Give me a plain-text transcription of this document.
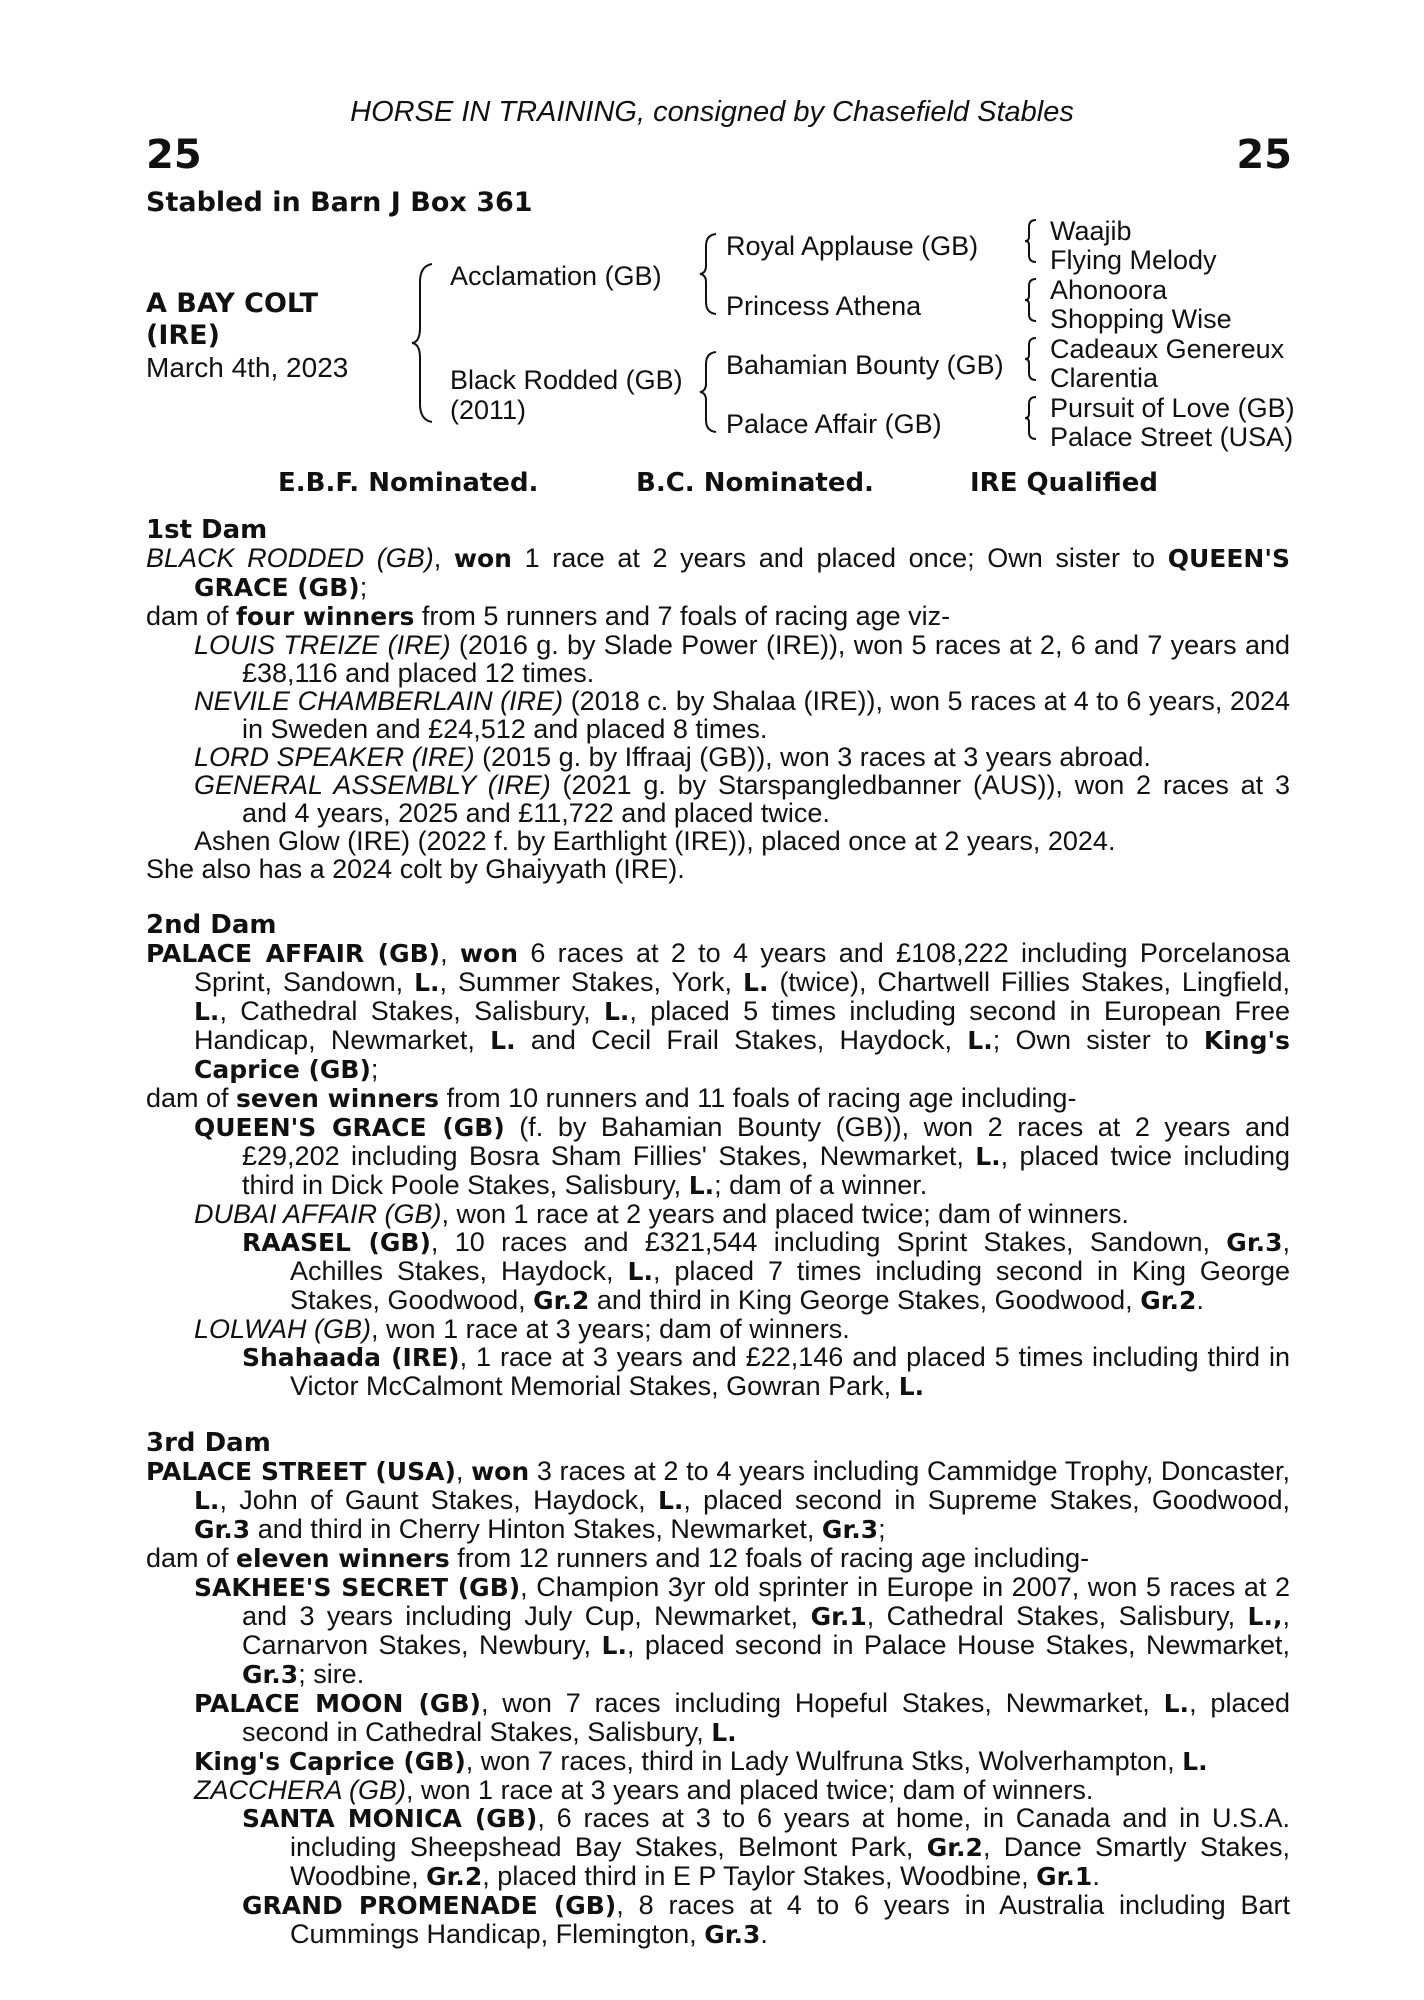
HORSE IN TRAINING, consigned by Chasefield Stables
25	25
Stabled in Barn J Box 361
A BAY COLT
(IRE)
March 4th, 2023
Acclamation (GB)
Black Rodded (GB)
(2011)
Royal Applause (GB)
Princess Athena
Bahamian Bounty (GB)
Palace Affair (GB)
Waajib
Flying Melody
Ahonoora
Shopping Wise
Cadeaux Genereux
Clarentia
Pursuit of Love (GB)
Palace Street (USA)
E.B.F. Nominated.	B.C. Nominated.	IRE Qualified
1st Dam

BLACK RODDED (GB), won 1 race at 2 years and placed once; Own sister to QUEEN'S GRACE (GB);

dam of four winners from 5 runners and 7 foals of racing age viz-

LOUIS TREIZE (IRE) (2016 g. by Slade Power (IRE)), won 5 races at 2, 6 and 7 years and £38,116 and placed 12 times.

NEVILE CHAMBERLAIN (IRE) (2018 c. by Shalaa (IRE)), won 5 races at 4 to 6 years, 2024 in Sweden and £24,512 and placed 8 times.

LORD SPEAKER (IRE) (2015 g. by Iffraaj (GB)), won 3 races at 3 years abroad.

GENERAL ASSEMBLY (IRE) (2021 g. by Starspangledbanner (AUS)), won 2 races at 3 and 4 years, 2025 and £11,722 and placed twice.

Ashen Glow (IRE) (2022 f. by Earthlight (IRE)), placed once at 2 years, 2024.

She also has a 2024 colt by Ghaiyyath (IRE).

2nd Dam

PALACE AFFAIR (GB), won 6 races at 2 to 4 years and £108,222 including Porcelanosa Sprint, Sandown, L., Summer Stakes, York, L. (twice), Chartwell Fillies Stakes, Lingfield, L., Cathedral Stakes, Salisbury, L., placed 5 times including second in European Free Handicap, Newmarket, L. and Cecil Frail Stakes, Haydock, L.; Own sister to King's Caprice (GB);

dam of seven winners from 10 runners and 11 foals of racing age including-

QUEEN'S GRACE (GB) (f. by Bahamian Bounty (GB)), won 2 races at 2 years and £29,202 including Bosra Sham Fillies' Stakes, Newmarket, L., placed twice including third in Dick Poole Stakes, Salisbury, L.; dam of a winner.

DUBAI AFFAIR (GB), won 1 race at 2 years and placed twice; dam of winners.

RAASEL (GB), 10 races and £321,544 including Sprint Stakes, Sandown, Gr.3, Achilles Stakes, Haydock, L., placed 7 times including second in King George Stakes, Goodwood, Gr.2 and third in King George Stakes, Goodwood, Gr.2.

LOLWAH (GB), won 1 race at 3 years; dam of winners.

Shahaada (IRE), 1 race at 3 years and £22,146 and placed 5 times including third in Victor McCalmont Memorial Stakes, Gowran Park, L.

3rd Dam

PALACE STREET (USA), won 3 races at 2 to 4 years including Cammidge Trophy, Doncaster, L., John of Gaunt Stakes, Haydock, L., placed second in Supreme Stakes, Goodwood, Gr.3 and third in Cherry Hinton Stakes, Newmarket, Gr.3;

dam of eleven winners from 12 runners and 12 foals of racing age including-

SAKHEE'S SECRET (GB), Champion 3yr old sprinter in Europe in 2007, won 5 races at 2 and 3 years including July Cup, Newmarket, Gr.1, Cathedral Stakes, Salisbury, L.,, Carnarvon Stakes, Newbury, L., placed second in Palace House Stakes, Newmarket, Gr.3; sire.

PALACE MOON (GB), won 7 races including Hopeful Stakes, Newmarket, L., placed second in Cathedral Stakes, Salisbury, L.

King's Caprice (GB), won 7 races, third in Lady Wulfruna Stks, Wolverhampton, L.

ZACCHERA (GB), won 1 race at 3 years and placed twice; dam of winners.

SANTA MONICA (GB), 6 races at 3 to 6 years at home, in Canada and in U.S.A. including Sheepshead Bay Stakes, Belmont Park, Gr.2, Dance Smartly Stakes, Woodbine, Gr.2, placed third in E P Taylor Stakes, Woodbine, Gr.1.

GRAND PROMENADE (GB), 8 races at 4 to 6 years in Australia including Bart Cummings Handicap, Flemington, Gr.3.
